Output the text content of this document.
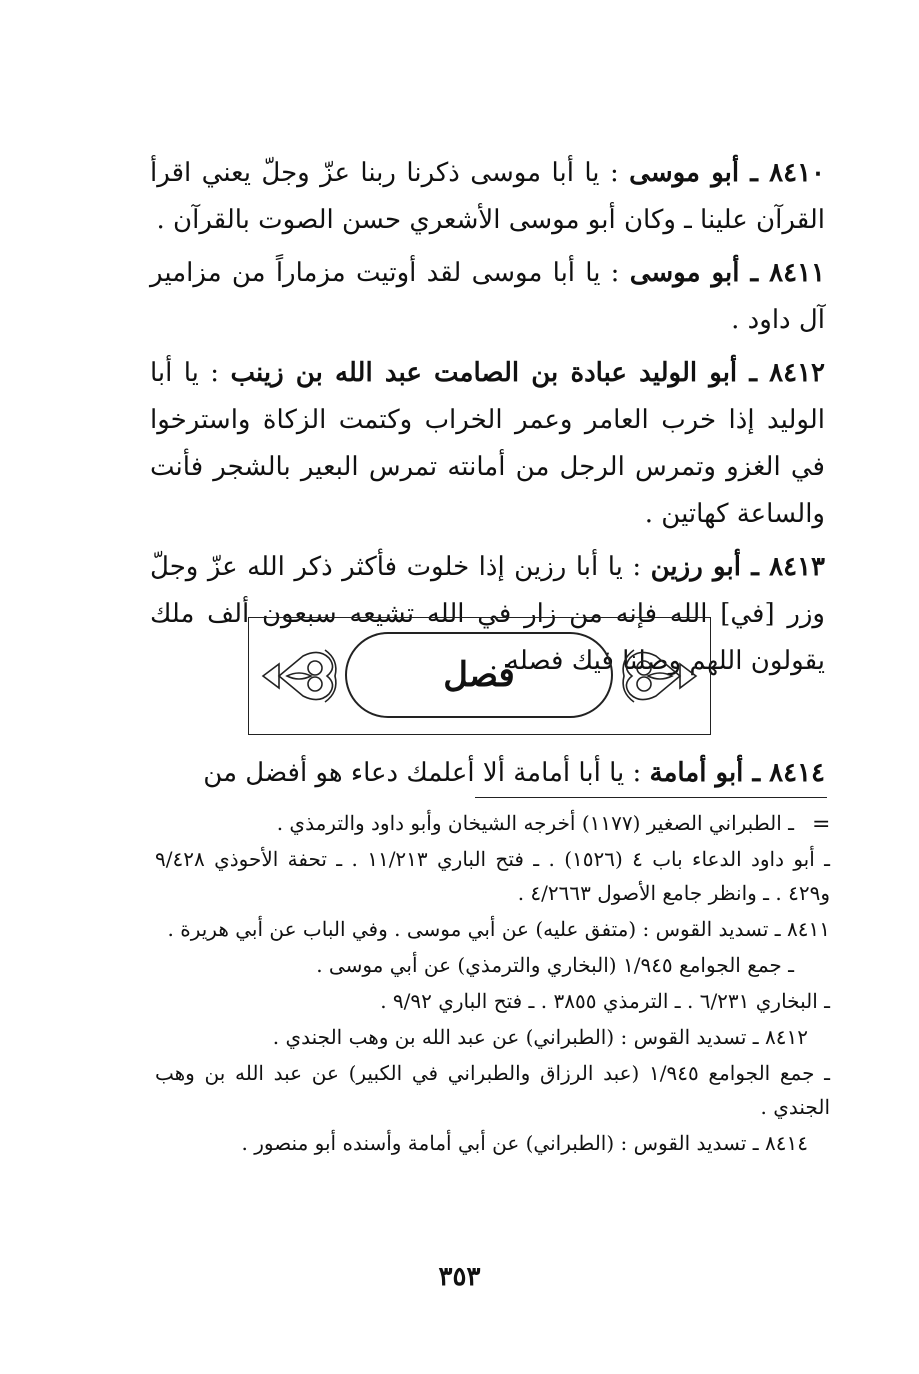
٨٤١٠ ـ أبو موسى : يا أبا موسى ذكرنا ربنا عزّ وجلّ يعني اقرأ القرآن علينا ـ وكان أبو موسى الأشعري حسن الصوت بالقرآن .

٨٤١١ ـ أبو موسى : يا أبا موسى لقد أوتيت مزماراً من مزامير آل داود .

٨٤١٢ ـ أبو الوليد عبادة بن الصامت عبد الله بن زينب : يا أبا الوليد إذا خرب العامر وعمر الخراب وكتمت الزكاة واسترخوا في الغزو وتمرس الرجل من أمانته تمرس البعير بالشجر فأنت والساعة كهاتين .

٨٤١٣ ـ أبو رزين : يا أبا رزين إذا خلوت فأكثر ذكر الله عزّ وجلّ وزر [في] الله فإنه من زار في الله تشيعه سبعون ألف ملك يقولون اللهم وصلنا فيك فصله .

فصل

٨٤١٤ ـ أبو أمامة : يا أبا أمامة ألا أعلمك دعاء هو أفضل من

=

ـ الطبراني الصغير (١١٧٧) أخرجه الشيخان وأبو داود والترمذي .

ـ أبو داود الدعاء باب ٤ (١٥٢٦) . ـ فتح الباري ١١/٢١٣ . ـ تحفة الأحوذي ٩/٤٢٨ و٤٢٩ . ـ وانظر جامع الأصول ٤/٢٦٦٣ .

٨٤١١ ـ تسديد القوس : (متفق عليه) عن أبي موسى . وفي الباب عن أبي هريرة .

ـ جمع الجوامع ١/٩٤٥ (البخاري والترمذي) عن أبي موسى .

ـ البخاري ٦/٢٣١ . ـ الترمذي ٣٨٥٥ . ـ فتح الباري ٩/٩٢ .

٨٤١٢ ـ تسديد القوس : (الطبراني) عن عبد الله بن وهب الجندي .

ـ جمع الجوامع ١/٩٤٥ (عبد الرزاق والطبراني في الكبير) عن عبد الله بن وهب الجندي .

٨٤١٤ ـ تسديد القوس : (الطبراني) عن أبي أمامة وأسنده أبو منصور .

٣٥٣
